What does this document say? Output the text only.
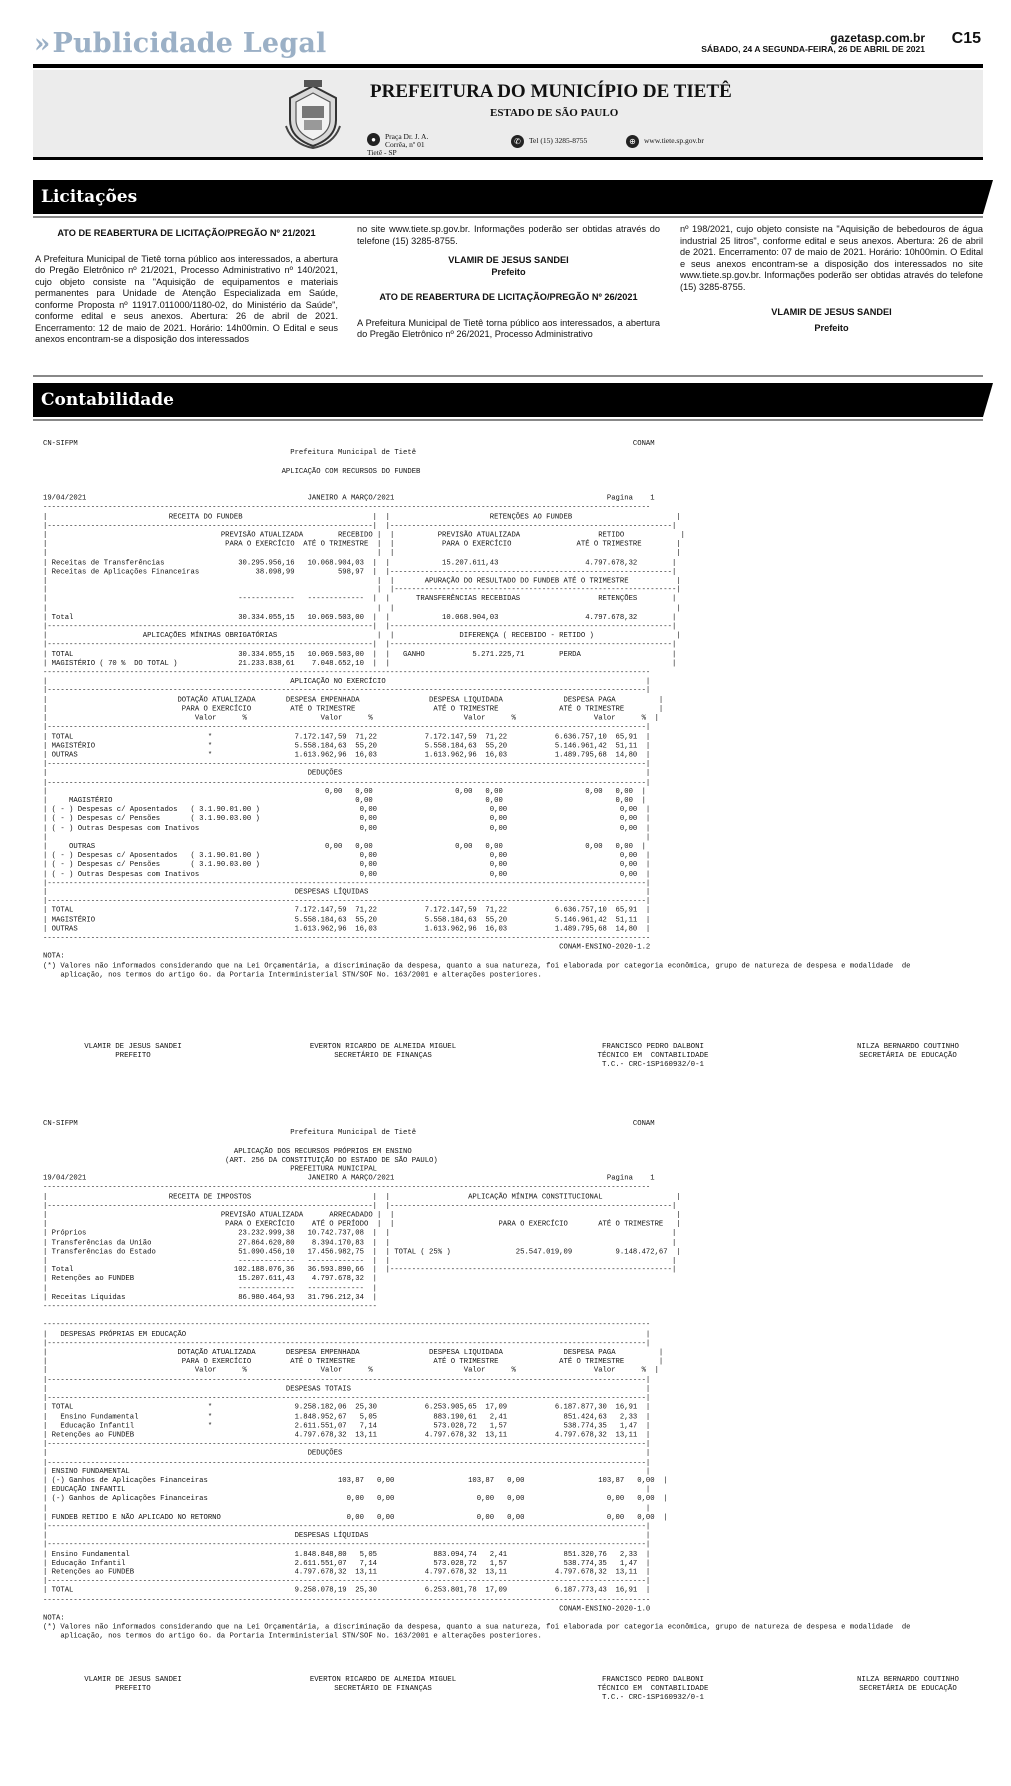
»Publicidade Legal	gazetasp.com.br
SÁBADO, 24 A SEGUNDA-FEIRA, 26 DE ABRIL DE 2021
C15
PREFEITURA DO MUNICÍPIO DE TIETÊ
ESTADO DE SÃO PAULO
●	Praça Dr. J. A. Corrêa, nº 01
Tietê - SP
✆ Tel (15) 3285-8755	⊕ www.tiete.sp.gov.br
Licitações
ATO DE REABERTURA DE LICITAÇÃO/PREGÃO Nº 21/2021

A Prefeitura Municipal de Tietê torna público aos interessados, a abertura do Pregão Eletrônico nº 21/2021, Processo Administrativo nº 140/2021, cujo objeto consiste na "Aquisição de equipamentos e materiais permanentes para Unidade de Atenção Especializada em Saúde, conforme Proposta nº 11917.011000/1180-02, do Ministério da Saúde", conforme edital e seus anexos. Abertura: 26 de abril de 2021. Encerramento: 12 de maio de 2021. Horário: 14h00min. O Edital e seus anexos encontram-se a disposição dos interessados

no site www.tiete.sp.gov.br. Informações poderão ser obtidas através do telefone (15) 3285-8755.

VLAMIR DE JESUS SANDEI
Prefeito
ATO DE REABERTURA DE LICITAÇÃO/PREGÃO Nº 26/2021

A Prefeitura Municipal de Tietê torna público aos interessados, a abertura do Pregão Eletrônico nº 26/2021, Processo Administrativo

nº 198/2021, cujo objeto consiste na "Aquisição de bebedouros de água industrial 25 litros", conforme edital e seus anexos. Abertura: 26 de abril de 2021. Encerramento: 07 de maio de 2021. Horário: 10h00min. O Edital e seus anexos encontram-se a disposição dos interessados no site www.tiete.sp.gov.br. Informações poderão ser obtidas através do telefone (15) 3285-8755.

VLAMIR DE JESUS SANDEI
Prefeito
Contabilidade
CN-SIFPM                                                                                                                                CONAM
Prefeitura Municipal de Tietê

APLICAÇÃO COM RECURSOS DO FUNDEB

19/04/2021                                                   JANEIRO A MARÇO/2021                                                 Pagina    1
--------------------------------------------------------------------------------------------------------------------------------------------
|                            RECEITA DO FUNDEB                              |  |                       RETENÇÕES AO FUNDEB                        |
|---------------------------------------------------------------------------|  |-----------------------------------------------------------------|
|                                        PREVISÃO ATUALIZADA        RECEBIDO |  |          PREVISÃO ATUALIZADA                  RETIDO             |
|                                         PARA O EXERCÍCIO  ATÉ O TRIMESTRE  |  |           PARA O EXERCÍCIO               ATÉ O TRIMESTRE        |
|                                                                            |  |                                                                 |
| Receitas de Transferências                 30.295.956,16   10.068.904,03  |  |            15.207.611,43                    4.797.678,32        |
| Receitas de Aplicações Financeiras             38.098,99          598,97  |  |-----------------------------------------------------------------|
|                                                                            |  |       APURAÇÃO DO RESULTADO DO FUNDEB ATÉ O TRIMESTRE           |
|                                                                            |  |-----------------------------------------------------------------|
|                                            -------------   -------------  |  |      TRANSFERÊNCIAS RECEBIDAS                  RETENÇÕES        |
|                                                                            |  |                                                                 |
| Total                                      30.334.055,15   10.069.503,00  |  |            10.068.904,03                    4.797.678,32        |
|---------------------------------------------------------------------------|  |-----------------------------------------------------------------|
|                      APLICAÇÕES MÍNIMAS OBRIGATÓRIAS                       |  |               DIFERENÇA ( RECEBIDO - RETIDO )                   |
|---------------------------------------------------------------------------|  |-----------------------------------------------------------------|
| TOTAL                                      30.334.055,15   10.069.503,00  |  |   GANHO           5.271.225,71        PERDA                     |
| MAGISTÉRIO ( 70 %  DO TOTAL )              21.233.838,61    7.048.652,10  |  |                                                                 |
--------------------------------------------------------------------------------------------------------------------------------------------
|                                                        APLICAÇÃO NO EXERCÍCIO                                                            |
|------------------------------------------------------------------------------------------------------------------------------------------|
|                              DOTAÇÃO ATUALIZADA       DESPESA EMPENHADA                DESPESA LIQUIDADA              DESPESA PAGA          |
|                               PARA O EXERCÍCIO         ATÉ O TRIMESTRE                  ATÉ O TRIMESTRE              ATÉ O TRIMESTRE        |
|                                  Valor      %                 Valor      %                     Valor      %                  Valor      %  |
|------------------------------------------------------------------------------------------------------------------------------------------|
| TOTAL                               *                   7.172.147,59  71,22           7.172.147,59  71,22           6.636.757,10  65,91  |
| MAGISTÉRIO                          *                   5.558.184,63  55,20           5.558.184,63  55,20           5.146.961,42  51,11  |
| OUTRAS                              *                   1.613.962,96  16,03           1.613.962,96  16,03           1.489.795,68  14,80  |
|------------------------------------------------------------------------------------------------------------------------------------------|
|                                                            DEDUÇÕES                                                                      |
|------------------------------------------------------------------------------------------------------------------------------------------|
|                                                                0,00   0,00                   0,00   0,00                   0,00   0,00  |
|     MAGISTÉRIO                                                        0,00                          0,00                          0,00  |
| ( - ) Despesas c/ Aposentados   ( 3.1.90.01.00 )                       0,00                          0,00                          0,00  |
| ( - ) Despesas c/ Pensões       ( 3.1.90.03.00 )                       0,00                          0,00                          0,00  |
| ( - ) Outras Despesas com Inativos                                     0,00                          0,00                          0,00  |
|                                                                                                                                          |
|     OUTRAS                                                     0,00   0,00                   0,00   0,00                   0,00   0,00  |
| ( - ) Despesas c/ Aposentados   ( 3.1.90.01.00 )                       0,00                          0,00                          0,00  |
| ( - ) Despesas c/ Pensões       ( 3.1.90.03.00 )                       0,00                          0,00                          0,00  |
| ( - ) Outras Despesas com Inativos                                     0,00                          0,00                          0,00  |
|------------------------------------------------------------------------------------------------------------------------------------------|
|                                                         DESPESAS LÍQUIDAS                                                                |
|------------------------------------------------------------------------------------------------------------------------------------------|
| TOTAL                                                   7.172.147,59  71,22           7.172.147,59  71,22           6.636.757,10  65,91  |
| MAGISTÉRIO                                              5.558.184,63  55,20           5.558.184,63  55,20           5.146.961,42  51,11  |
| OUTRAS                                                  1.613.962,96  16,03           1.613.962,96  16,03           1.489.795,68  14,80  |
--------------------------------------------------------------------------------------------------------------------------------------------
CONAM-ENSINO-2020-1.2
NOTA:
(*) Valores não informados considerando que na Lei Orçamentária, a discriminação da despesa, quanto a sua natureza, foi elaborada por categoria econômica, grupo de natureza de despesa e modalidade  de
aplicação, nos termos do artigo 6o. da Portaria Interministerial STN/SOF No. 163/2001 e alterações posteriores.
VLAMIR DE JESUS SANDEI
PREFEITO
EVERTON RICARDO DE ALMEIDA MIGUEL
SECRETÁRIO DE FINANÇAS
FRANCISCO PEDRO DALBONI
TÉCNICO EM  CONTABILIDADE
T.C.- CRC-1SP160932/0-1
NILZA BERNARDO COUTINHO
SECRETÁRIA DE EDUCAÇÃO
CN-SIFPM                                                                                                                                CONAM
Prefeitura Municipal de Tietê

APLICAÇÃO DOS RECURSOS PRÓPRIOS EM ENSINO
(ART. 256 DA CONSTITUIÇÃO DO ESTADO DE SÃO PAULO)
PREFEITURA MUNICIPAL
19/04/2021                                                   JANEIRO A MARÇO/2021                                                 Pagina    1
--------------------------------------------------------------------------------------------------------------------------------------------
|                            RECEITA DE IMPOSTOS                            |  |                  APLICAÇÃO MÍNIMA CONSTITUCIONAL                 |
|---------------------------------------------------------------------------|  |-----------------------------------------------------------------|
|                                        PREVISÃO ATUALIZADA      ARRECADADO |  |                                                                 |
|                                         PARA O EXERCÍCIO    ATÉ O PERÍODO  |  |                        PARA O EXERCÍCIO       ATÉ O TRIMESTRE   |
| Próprios                                   23.232.999,38   10.742.737,08  |  |                                                                 |
| Transferências da União                    27.864.620,80    8.394.170,83  |  |                                                                 |
| Transferências do Estado                   51.090.456,10   17.456.982,75  |  | TOTAL ( 25% )               25.547.019,09          9.148.472,67  |
|                                            -------------   -------------  |  |                                                                 |
| Total                                     102.188.076,36   36.593.890,66  |  |-----------------------------------------------------------------|
| Retenções ao FUNDEB                        15.207.611,43    4.797.678,32  |
|                                            -------------   -------------  |
| Receitas Líquidas                          86.980.464,93   31.796.212,34  |
-----------------------------------------------------------------------------

--------------------------------------------------------------------------------------------------------------------------------------------
|   DESPESAS PRÓPRIAS EM EDUCAÇÃO                                                                                                          |
|------------------------------------------------------------------------------------------------------------------------------------------|
|                              DOTAÇÃO ATUALIZADA       DESPESA EMPENHADA                DESPESA LIQUIDADA              DESPESA PAGA          |
|                               PARA O EXERCÍCIO         ATÉ O TRIMESTRE                  ATÉ O TRIMESTRE              ATÉ O TRIMESTRE        |
|                                  Valor      %                 Valor      %                     Valor      %                  Valor      %  |
|------------------------------------------------------------------------------------------------------------------------------------------|
|                                                       DESPESAS TOTAIS                                                                    |
|------------------------------------------------------------------------------------------------------------------------------------------|
| TOTAL                               *                   9.258.182,06  25,30           6.253.905,65  17,09           6.187.877,30  16,91  |
|   Ensino Fundamental                *                   1.848.952,67   5,05             883.190,61   2,41             851.424,63   2,33  |
|   Educação Infantil                 *                   2.611.551,07   7,14             573.028,72   1,57             538.774,35   1,47  |
| Retenções ao FUNDEB                                     4.797.678,32  13,11           4.797.678,32  13,11           4.797.678,32  13,11  |
|------------------------------------------------------------------------------------------------------------------------------------------|
|                                                            DEDUÇÕES                                                                      |
|------------------------------------------------------------------------------------------------------------------------------------------|
| ENSINO FUNDAMENTAL                                                                                                                       |
| (-) Ganhos de Aplicações Financeiras                              103,87   0,00                 103,87   0,00                 103,87   0,00  |
| EDUCAÇÃO INFANTIL                                                                                                                        |
| (-) Ganhos de Aplicações Financeiras                                0,00   0,00                   0,00   0,00                   0,00   0,00  |
|                                                                                                                                          |
| FUNDEB RETIDO E NÃO APLICADO NO RETORNO                             0,00   0,00                   0,00   0,00                   0,00   0,00  |
|------------------------------------------------------------------------------------------------------------------------------------------|
|                                                         DESPESAS LÍQUIDAS                                                                |
|------------------------------------------------------------------------------------------------------------------------------------------|
| Ensino Fundamental                                      1.848.848,80   5,05             883.094,74   2,41             851.320,76   2,33  |
| Educação Infantil                                       2.611.551,07   7,14             573.028,72   1,57             538.774,35   1,47  |
| Retenções ao FUNDEB                                     4.797.678,32  13,11           4.797.678,32  13,11           4.797.678,32  13,11  |
|------------------------------------------------------------------------------------------------------------------------------------------|
| TOTAL                                                   9.258.078,19  25,30           6.253.801,78  17,09           6.187.773,43  16,91  |
--------------------------------------------------------------------------------------------------------------------------------------------
CONAM-ENSINO-2020-1.0
NOTA:
(*) Valores não informados considerando que na Lei Orçamentária, a discriminação da despesa, quanto a sua natureza, foi elaborada por categoria econômica, grupo de natureza de despesa e modalidade  de
aplicação, nos termos do artigo 6o. da Portaria Interministerial STN/SOF No. 163/2001 e alterações posteriores.
VLAMIR DE JESUS SANDEI
PREFEITO
EVERTON RICARDO DE ALMEIDA MIGUEL
SECRETÁRIO DE FINANÇAS
FRANCISCO PEDRO DALBONI
TÉCNICO EM  CONTABILIDADE
T.C.- CRC-1SP160932/0-1
NILZA BERNARDO COUTINHO
SECRETÁRIA DE EDUCAÇÃO
